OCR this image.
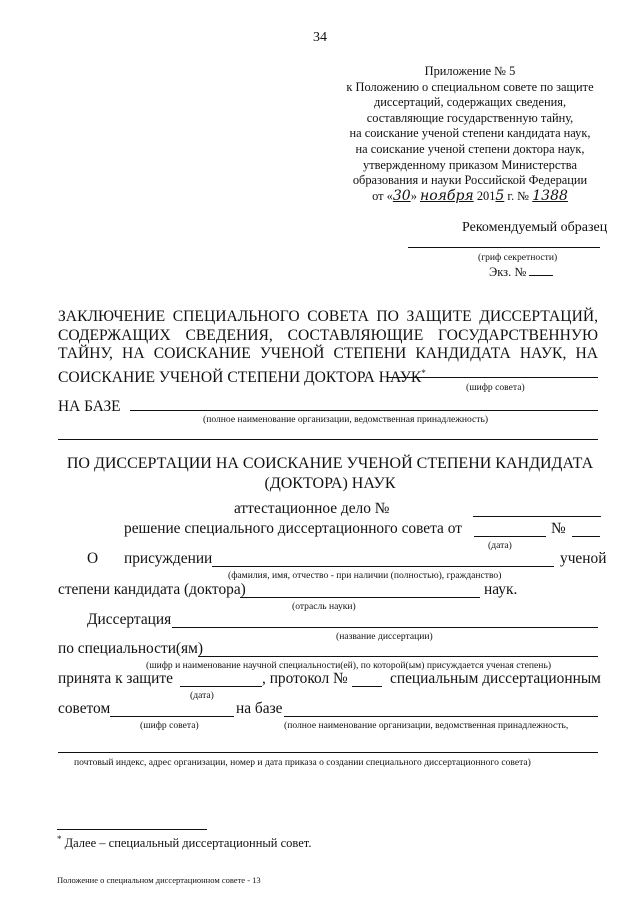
34
Приложение № 5
к Положению о специальном совете по защите
диссертаций, содержащих сведения,
составляющие государственную тайну,
на соискание ученой степени кандидата наук,
на соискание ученой степени доктора наук,
утвержденному приказом Министерства
образования и науки Российской Федерации
от «30» ноября 2015 г. № 1388
Рекомендуемый образец
(гриф секретности)
Экз. №
ЗАКЛЮЧЕНИЕ СПЕЦИАЛЬНОГО СОВЕТА ПО ЗАЩИТЕ ДИССЕРТАЦИЙ,
СОДЕРЖАЩИХ СВЕДЕНИЯ, СОСТАВЛЯЮЩИЕ ГОСУДАРСТВЕННУЮ
ТАЙНУ, НА СОИСКАНИЕ УЧЕНОЙ СТЕПЕНИ КАНДИДАТА НАУК, НА
СОИСКАНИЕ УЧЕНОЙ СТЕПЕНИ ДОКТОРА НАУК*
(шифр совета)
НА БАЗЕ
(полное наименование организации, ведомственная принадлежность)
ПО ДИССЕРТАЦИИ НА СОИСКАНИЕ УЧЕНОЙ СТЕПЕНИ КАНДИДАТА
(ДОКТОРА) НАУК
аттестационное дело №
решение специального диссертационного совета от	№
(дата)
О присуждении	ученой
(фамилия, имя, отчество - при наличии (полностью), гражданство)
степени кандидата (доктора)	наук.
(отрасль науки)
Диссертация
(название диссертации)
по специальности(ям)
(шифр и наименование научной специальности(ей), по которой(ым) присуждается ученая степень)
принята к защите	, протокол №	специальным диссертационным
(дата)
советом	на базе
(шифр совета)	(полное наименование организации, ведомственная принадлежность,
почтовый индекс, адрес организации, номер и дата приказа о создании специального диссертационного совета)
* Далее – специальный диссертационный совет.
Положение о специальном диссертационном совете - 13
